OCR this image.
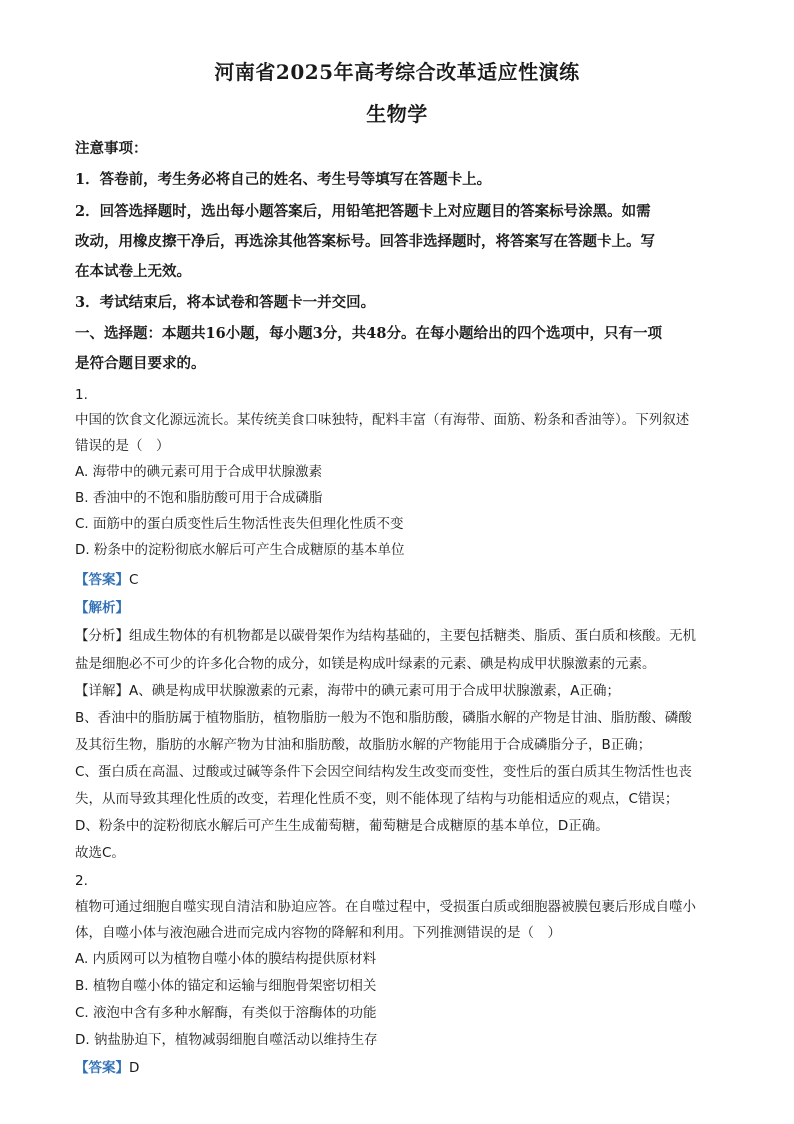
河南省2025年高考综合改革适应性演练
生物学
注意事项：
1．答卷前，考生务必将自己的姓名、考生号等填写在答题卡上。
2．回答选择题时，选出每小题答案后，用铅笔把答题卡上对应题目的答案标号涂黑。如需
改动，用橡皮擦干净后，再选涂其他答案标号。回答非选择题时，将答案写在答题卡上。写
在本试卷上无效。
3．考试结束后，将本试卷和答题卡一并交回。
一、选择题：本题共16小题，每小题3分，共48分。在每小题给出的四个选项中，只有一项
是符合题目要求的。
1.
中国的饮食文化源远流长。某传统美食口味独特，配料丰富（有海带、面筋、粉条和香油等）。下列叙述
错误的是（　）
A. 海带中的碘元素可用于合成甲状腺激素
B. 香油中的不饱和脂肪酸可用于合成磷脂
C. 面筋中的蛋白质变性后生物活性丧失但理化性质不变
D. 粉条中的淀粉彻底水解后可产生合成糖原的基本单位
【答案】C
【解析】
【分析】组成生物体的有机物都是以碳骨架作为结构基础的，主要包括糖类、脂质、蛋白质和核酸。无机
盐是细胞必不可少的许多化合物的成分，如镁是构成叶绿素的元素、碘是构成甲状腺激素的元素。
【详解】A、碘是构成甲状腺激素的元素，海带中的碘元素可用于合成甲状腺激素，A正确；
B、香油中的脂肪属于植物脂肪，植物脂肪一般为不饱和脂肪酸，磷脂水解的产物是甘油、脂肪酸、磷酸
及其衍生物，脂肪的水解产物为甘油和脂肪酸，故脂肪水解的产物能用于合成磷脂分子，B正确；
C、蛋白质在高温、过酸或过碱等条件下会因空间结构发生改变而变性，变性后的蛋白质其生物活性也丧
失，从而导致其理化性质的改变，若理化性质不变，则不能体现了结构与功能相适应的观点，C错误；
D、粉条中的淀粉彻底水解后可产生生成葡萄糖，葡萄糖是合成糖原的基本单位，D正确。
故选C。
2.
植物可通过细胞自噬实现自清洁和胁迫应答。在自噬过程中，受损蛋白质或细胞器被膜包裹后形成自噬小
体，自噬小体与液泡融合进而完成内容物的降解和利用。下列推测错误的是（　）
A. 内质网可以为植物自噬小体的膜结构提供原材料
B. 植物自噬小体的锚定和运输与细胞骨架密切相关
C. 液泡中含有多种水解酶，有类似于溶酶体的功能
D. 钠盐胁迫下，植物减弱细胞自噬活动以维持生存
【答案】D
